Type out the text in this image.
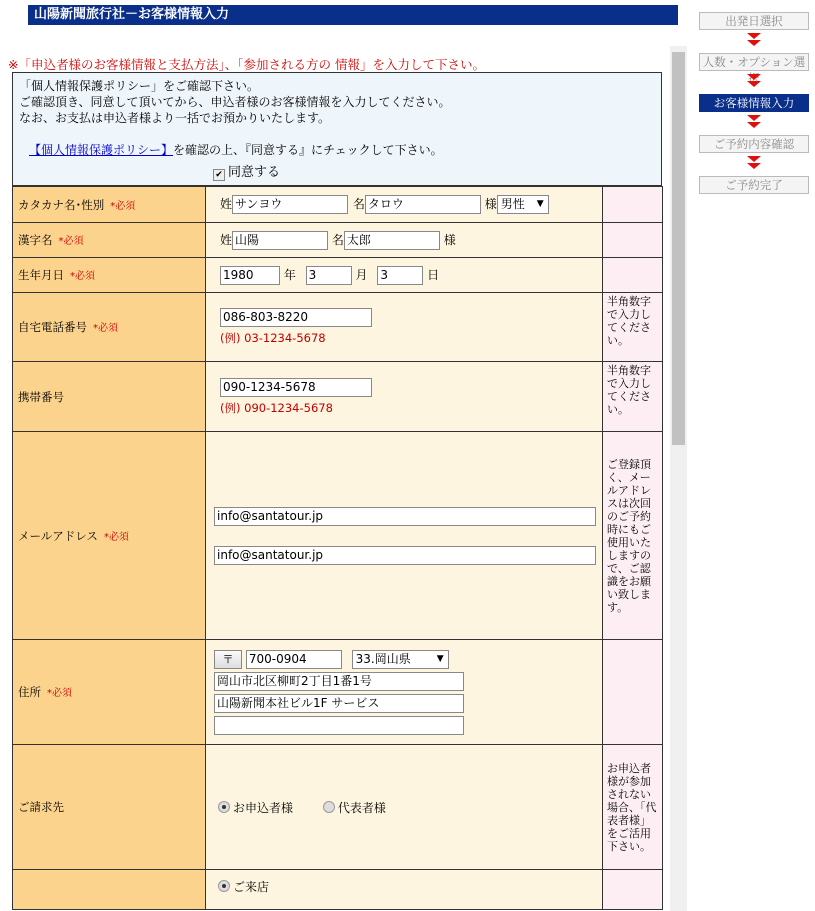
山陽新聞旅行社－お客様情報入力
※「申込者様のお客様情報と支払方法」、「参加される方の 情報」を入力して下さい。
「個人情報保護ポリシー」をご確認下さい。
ご確認頂き、同意して頂いてから、申込者様のお客様情報を入力してください。
なお、お支払は申込者様より一括でお預かりいたします。
【個人情報保護ポリシー】を確認の上、『同意する』にチェックして下さい。
✔ 同意する
カタカナ名･性別 *必須	姓 サンヨウ 名 タロウ 様 男性 ▼	

漢字名 *必須	姓 山陽 名 太郎 様	
生年月日 *必須	1980 年 3 月 3 日	
自宅電話番号 *必須	086-803-8220
(例) 03-1234-5678	半角数字で入力してください。
携帯番号	090-1234-5678
(例) 090-1234-5678	半角数字で入力してください。
メールアドレス *必須	info@santatour.jp
info@santatour.jp	ご登録頂く、メールアドレスは次回のご予約時にもご使用いたしますので、ご認識をお願い致します。
住所 *必須	〒 700-0904 33.岡山県 ▼
岡山市北区柳町2丁目1番1号
山陽新聞本社ビル1F サービス	

ご請求先	お申込者様 代表者様	お申込者様が参加されない場合、「代表者様」をご活用下さい。
	ご来店	
出発日選択
人数・オプション選択
お客様情報入力
ご予約内容確認
ご予約完了
